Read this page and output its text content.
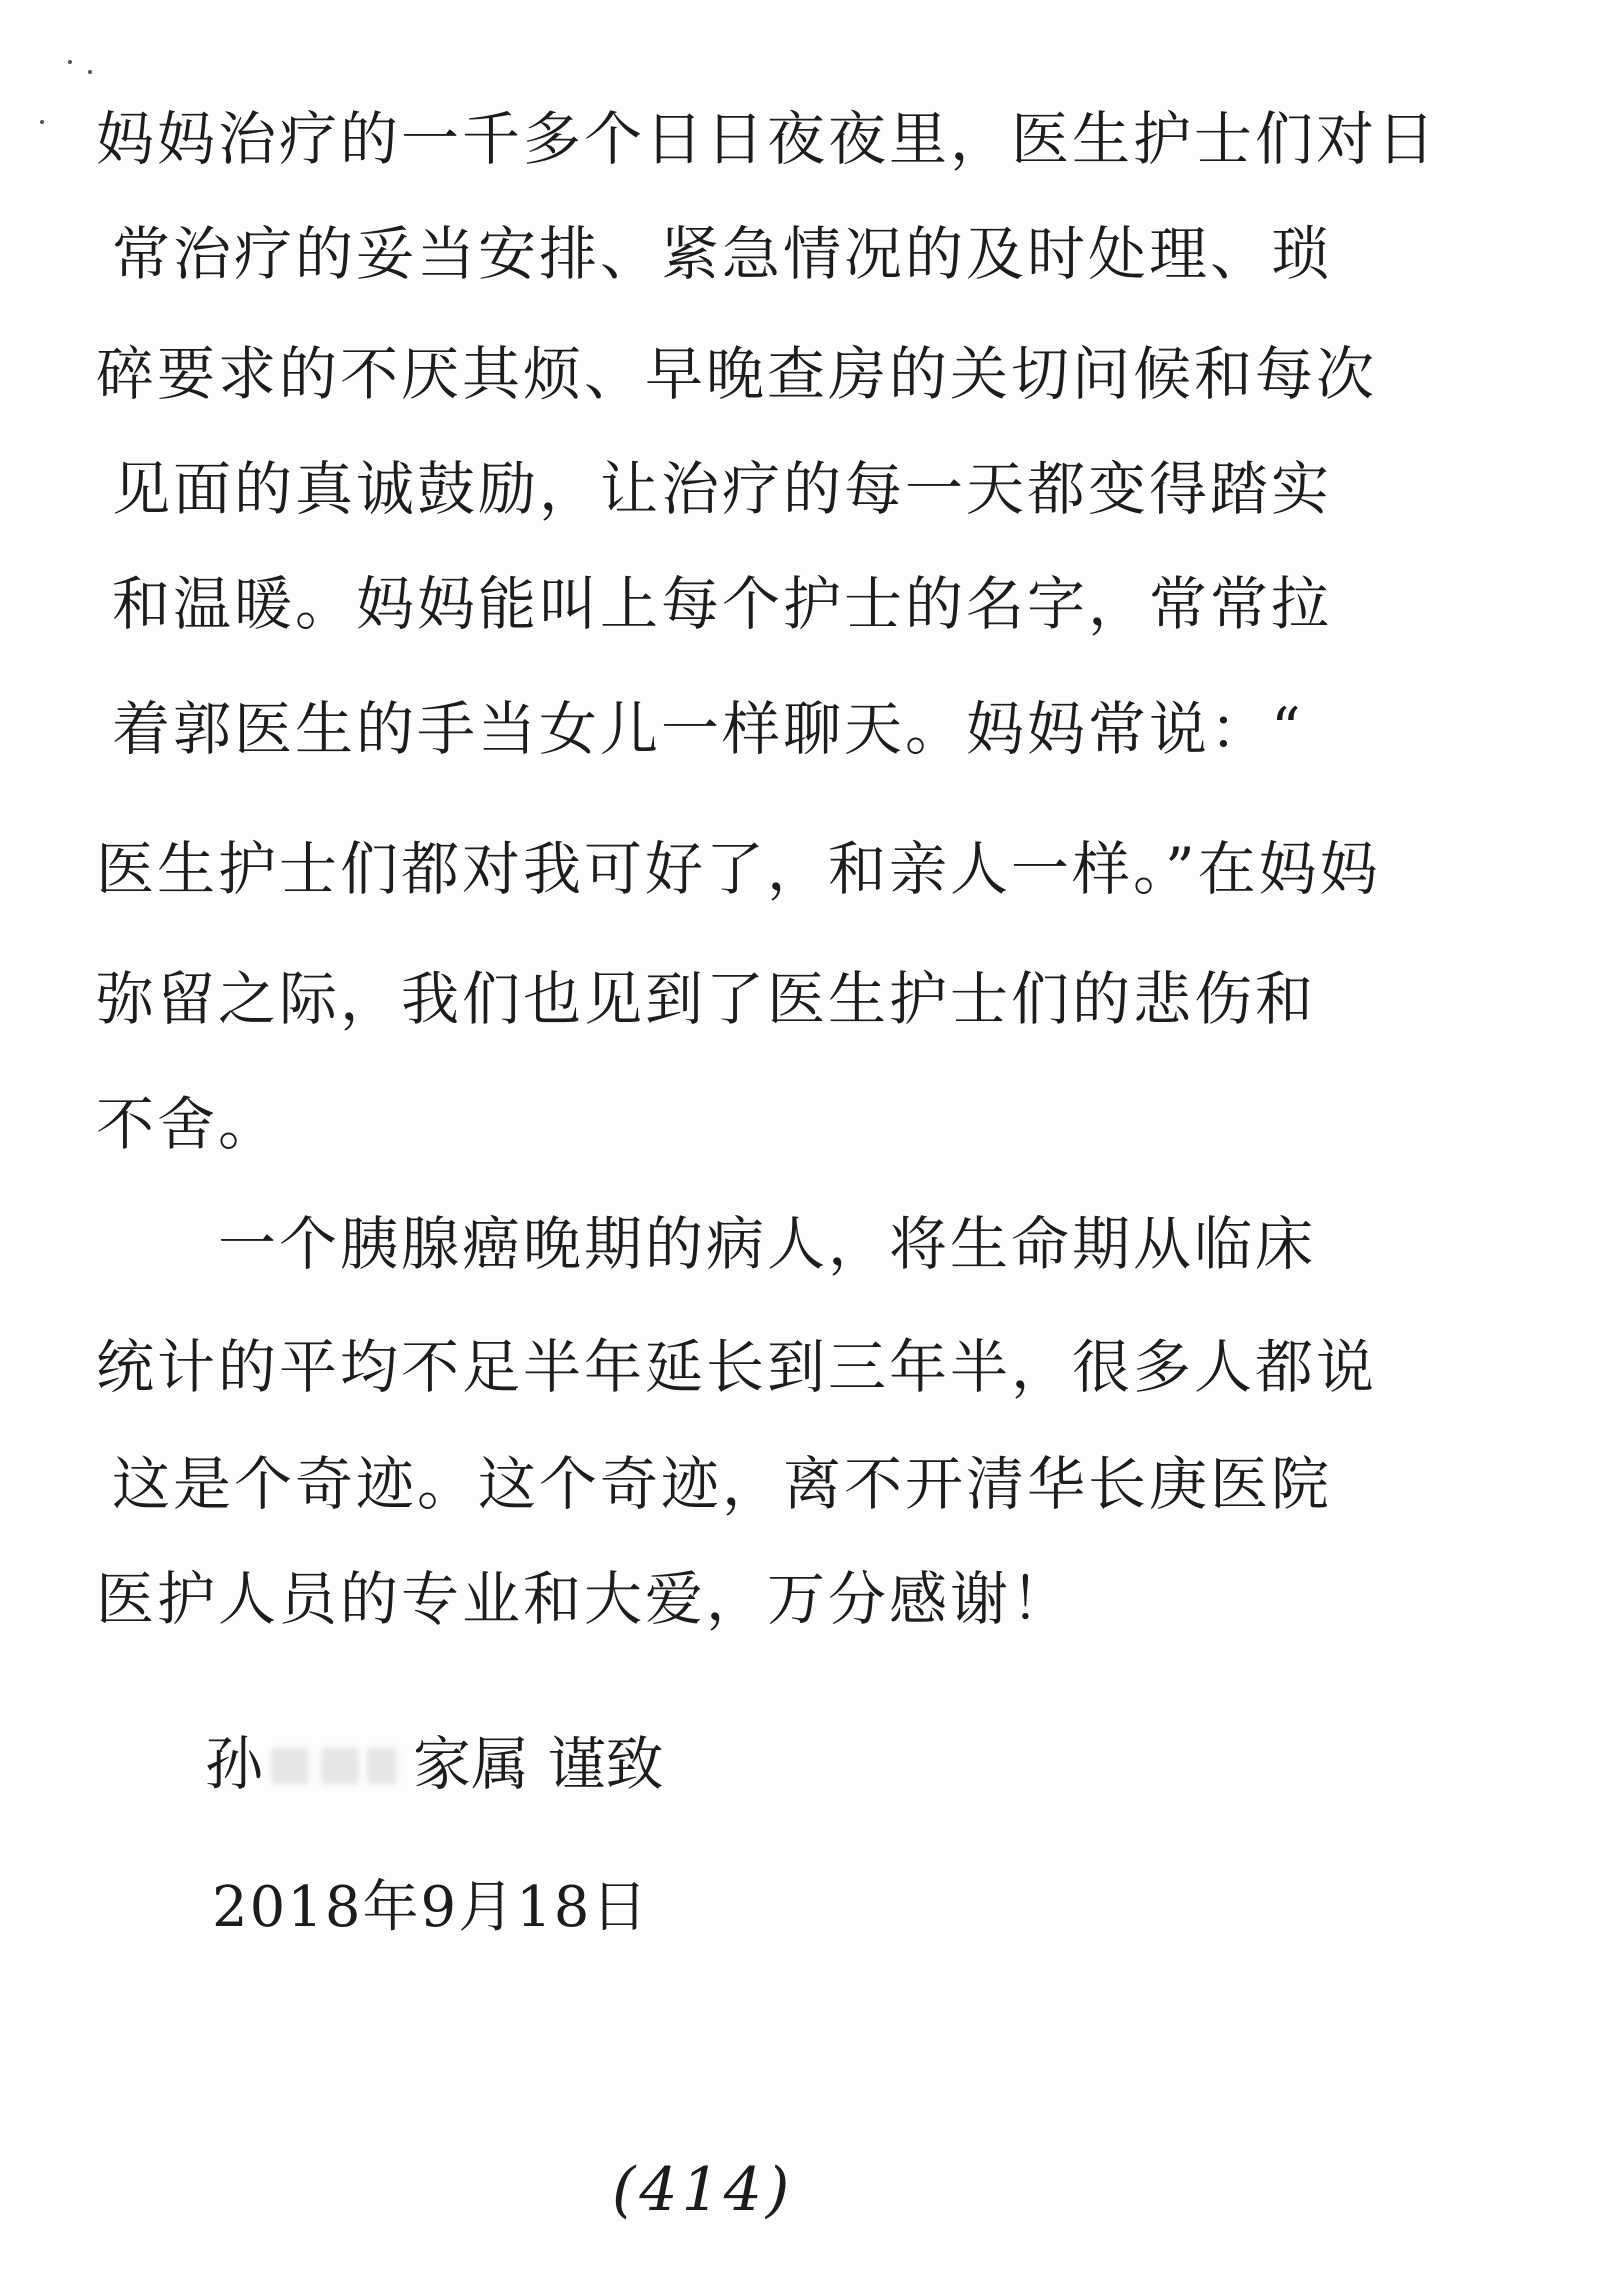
妈妈治疗的一千多个日日夜夜里，医生护士们对日
常治疗的妥当安排、紧急情况的及时处理、琐
碎要求的不厌其烦、早晚查房的关切问候和每次
见面的真诚鼓励，让治疗的每一天都变得踏实
和温暖。妈妈能叫上每个护士的名字，常常拉
着郭医生的手当女儿一样聊天。妈妈常说：“
医生护士们都对我可好了，和亲人一样。”在妈妈
弥留之际，我们也见到了医生护士们的悲伤和
不舍。
一个胰腺癌晚期的病人，将生命期从临床
统计的平均不足半年延长到三年半，很多人都说
这是个奇迹。这个奇迹，离不开清华长庚医院
医护人员的专业和大爱，万分感谢！
孙	家属 谨致
2018年9月18日
(414)
